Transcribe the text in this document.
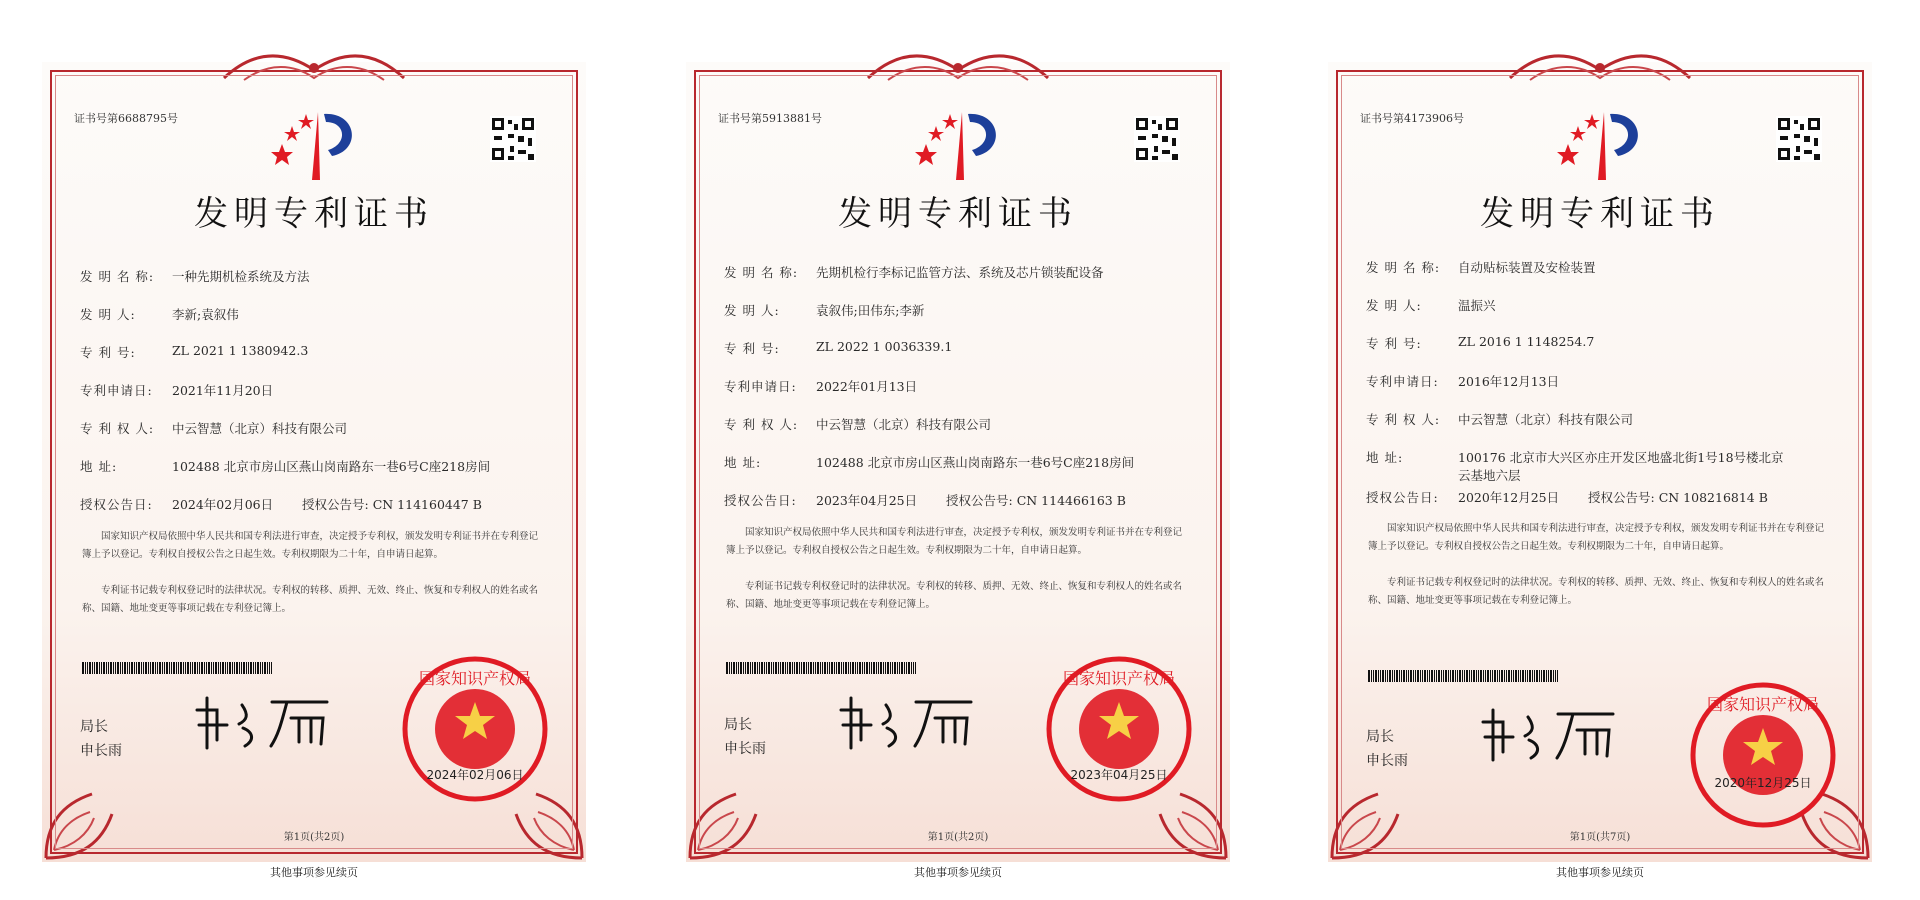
证书号第6688795号
发明专利证书
发 明 名 称: 一种先期机检系统及方法
发 明 人:	李新;袁叙伟
专 利 号:	ZL 2021 1 1380942.3
专利申请日: 2021年11月20日
专 利 权 人: 中云智慧（北京）科技有限公司
地 址:	102488 北京市房山区燕山岗南路东一巷6号C座218房间
授权公告日: 2024年02月06日 授权公告号: CN 114160447 B
国家知识产权局依照中华人民共和国专利法进行审查，决定授予专利权，颁发发明专利证书并在专利登记簿上予以登记。专利权自授权公告之日起生效。专利权期限为二十年，自申请日起算。
专利证书记载专利权登记时的法律状况。专利权的转移、质押、无效、终止、恢复和专利权人的姓名或名称、国籍、地址变更等事项记载在专利登记簿上。
局长
申长雨
国家知识产权局
2024年02月06日
第1页(共2页)
其他事项参见续页
证书号第5913881号
发明专利证书
发 明 名 称: 先期机检行李标记监管方法、系统及芯片锁装配设备
发 明 人:	袁叙伟;田伟东;李新
专 利 号:	ZL 2022 1 0036339.1
专利申请日: 2022年01月13日
专 利 权 人: 中云智慧（北京）科技有限公司
地 址:	102488 北京市房山区燕山岗南路东一巷6号C座218房间
授权公告日: 2023年04月25日 授权公告号: CN 114466163 B
国家知识产权局依照中华人民共和国专利法进行审查，决定授予专利权，颁发发明专利证书并在专利登记簿上予以登记。专利权自授权公告之日起生效。专利权期限为二十年，自申请日起算。
专利证书记载专利权登记时的法律状况。专利权的转移、质押、无效、终止、恢复和专利权人的姓名或名称、国籍、地址变更等事项记载在专利登记簿上。
局长
申长雨
国家知识产权局
2023年04月25日
第1页(共2页)
其他事项参见续页
证书号第4173906号
发明专利证书
发 明 名 称: 自动贴标装置及安检装置
发 明 人:	温振兴
专 利 号:	ZL 2016 1 1148254.7
专利申请日: 2016年12月13日
专 利 权 人: 中云智慧（北京）科技有限公司
地 址:	100176 北京市大兴区亦庄开发区地盛北街1号18号楼北京
云基地六层
授权公告日: 2020年12月25日 授权公告号: CN 108216814 B
国家知识产权局依照中华人民共和国专利法进行审查，决定授予专利权，颁发发明专利证书并在专利登记簿上予以登记。专利权自授权公告之日起生效。专利权期限为二十年，自申请日起算。
专利证书记载专利权登记时的法律状况。专利权的转移、质押、无效、终止、恢复和专利权人的姓名或名称、国籍、地址变更等事项记载在专利登记簿上。
局长
申长雨
国家知识产权局
2020年12月25日
第1页(共7页)
其他事项参见续页
